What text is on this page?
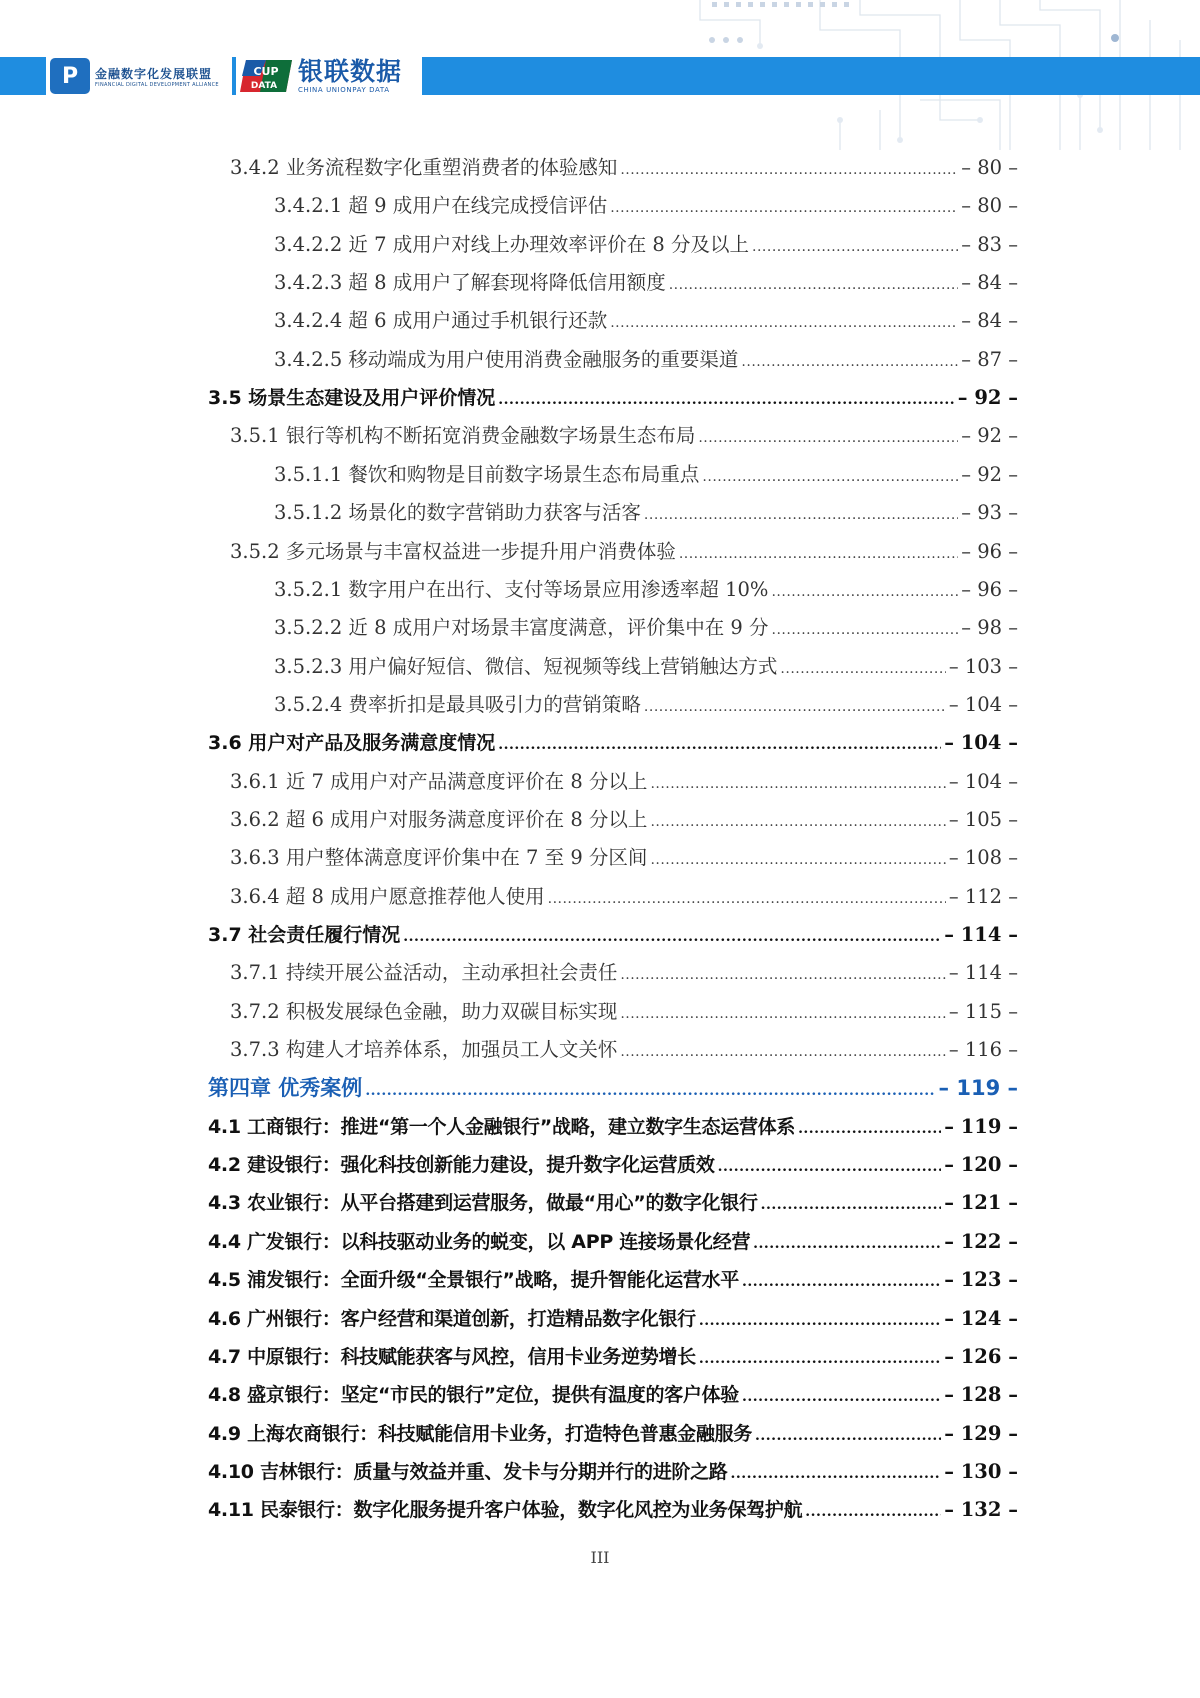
P	金融数字化发展联盟
FINANCIAL DIGITAL DEVELOPMENT ALLIANCE
CUP
DATA 银联数据
CHINA UNIONPAY DATA
3.4.2 业务流程数字化重塑消费者的体验感知 .....	– 80 –
3.4.2.1 超 9 成用户在线完成授信评估 .....	– 80 –
3.4.2.2 近 7 成用户对线上办理效率评价在 8 分及以上 .....	– 83 –
3.4.2.3 超 8 成用户了解套现将降低信用额度 .....	– 84 –
3.4.2.4 超 6 成用户通过手机银行还款 .....	– 84 –
3.4.2.5 移动端成为用户使用消费金融服务的重要渠道 .....	– 87 –
3.5 场景生态建设及用户评价情况 .....	– 92 –
3.5.1 银行等机构不断拓宽消费金融数字场景生态布局 .....	– 92 –
3.5.1.1 餐饮和购物是目前数字场景生态布局重点 .....	– 92 –
3.5.1.2 场景化的数字营销助力获客与活客 .....	– 93 –
3.5.2 多元场景与丰富权益进一步提升用户消费体验 .....	– 96 –
3.5.2.1 数字用户在出行、支付等场景应用渗透率超 10% .....	– 96 –
3.5.2.2 近 8 成用户对场景丰富度满意，评价集中在 9 分 .....	– 98 –
3.5.2.3 用户偏好短信、微信、短视频等线上营销触达方式 .....	– 103 –
3.5.2.4 费率折扣是最具吸引力的营销策略 .....	– 104 –
3.6 用户对产品及服务满意度情况 .....	– 104 –
3.6.1 近 7 成用户对产品满意度评价在 8 分以上 .....	– 104 –
3.6.2 超 6 成用户对服务满意度评价在 8 分以上 .....	– 105 –
3.6.3 用户整体满意度评价集中在 7 至 9 分区间 .....	– 108 –
3.6.4 超 8 成用户愿意推荐他人使用 .....	– 112 –
3.7 社会责任履行情况 .....	– 114 –
3.7.1 持续开展公益活动，主动承担社会责任 .....	– 114 –
3.7.2 积极发展绿色金融，助力双碳目标实现 .....	– 115 –
3.7.3 构建人才培养体系，加强员工人文关怀 .....	– 116 –
第四章 优秀案例 .....	– 119 –
4.1 工商银行：推进“第一个人金融银行”战略，建立数字生态运营体系 .....	– 119 –
4.2 建设银行：强化科技创新能力建设，提升数字化运营质效 .....	– 120 –
4.3 农业银行：从平台搭建到运营服务，做最“用心”的数字化银行 .....	– 121 –
4.4 广发银行：以科技驱动业务的蜕变，以 APP 连接场景化经营 .....	– 122 –
4.5 浦发银行：全面升级“全景银行”战略，提升智能化运营水平 .....	– 123 –
4.6 广州银行：客户经营和渠道创新，打造精品数字化银行 .....	– 124 –
4.7 中原银行：科技赋能获客与风控，信用卡业务逆势增长 .....	– 126 –
4.8 盛京银行：坚定“市民的银行”定位，提供有温度的客户体验 .....	– 128 –
4.9 上海农商银行：科技赋能信用卡业务，打造特色普惠金融服务 .....	– 129 –
4.10 吉林银行：质量与效益并重、发卡与分期并行的进阶之路 .....	– 130 –
4.11 民泰银行：数字化服务提升客户体验，数字化风控为业务保驾护航 .....	– 132 –
III
